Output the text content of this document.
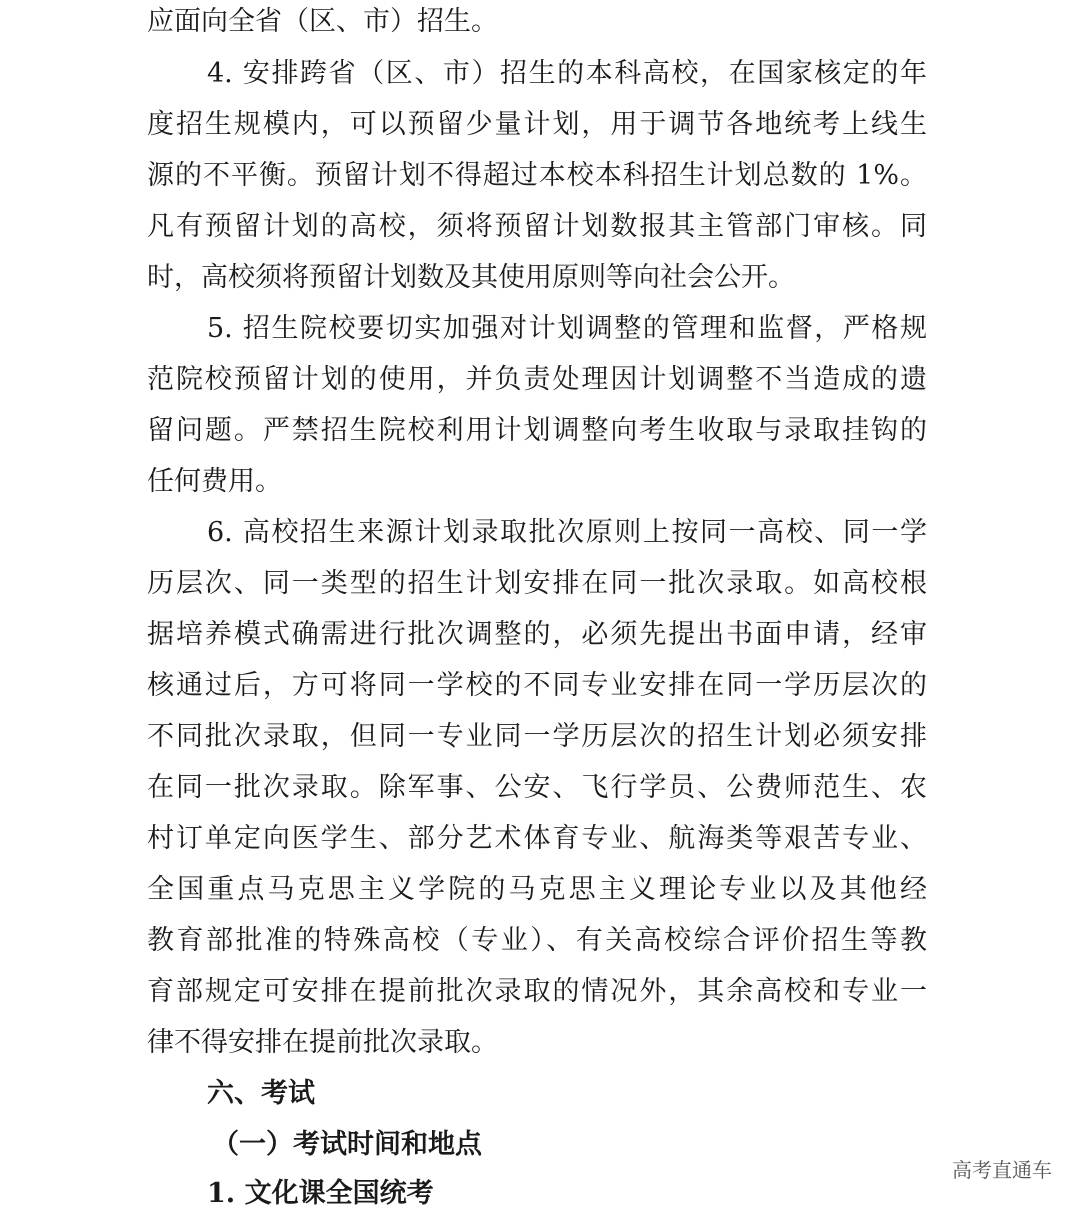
应面向全省（区、市）招生。
4. 安排跨省（区、市）招生的本科高校，在国家核定的年
度招生规模内，可以预留少量计划，用于调节各地统考上线生
源的不平衡。预留计划不得超过本校本科招生计划总数的 1%。
凡有预留计划的高校，须将预留计划数报其主管部门审核。同
时，高校须将预留计划数及其使用原则等向社会公开。
5. 招生院校要切实加强对计划调整的管理和监督，严格规
范院校预留计划的使用，并负责处理因计划调整不当造成的遗
留问题。严禁招生院校利用计划调整向考生收取与录取挂钩的
任何费用。
6. 高校招生来源计划录取批次原则上按同一高校、同一学
历层次、同一类型的招生计划安排在同一批次录取。如高校根
据培养模式确需进行批次调整的，必须先提出书面申请，经审
核通过后，方可将同一学校的不同专业安排在同一学历层次的
不同批次录取，但同一专业同一学历层次的招生计划必须安排
在同一批次录取。除军事、公安、飞行学员、公费师范生、农
村订单定向医学生、部分艺术体育专业、航海类等艰苦专业、
全国重点马克思主义学院的马克思主义理论专业以及其他经
教育部批准的特殊高校（专业）、有关高校综合评价招生等教
育部规定可安排在提前批次录取的情况外，其余高校和专业一
律不得安排在提前批次录取。
六、考试
（一）考试时间和地点
1. 文化课全国统考
高考直通车
